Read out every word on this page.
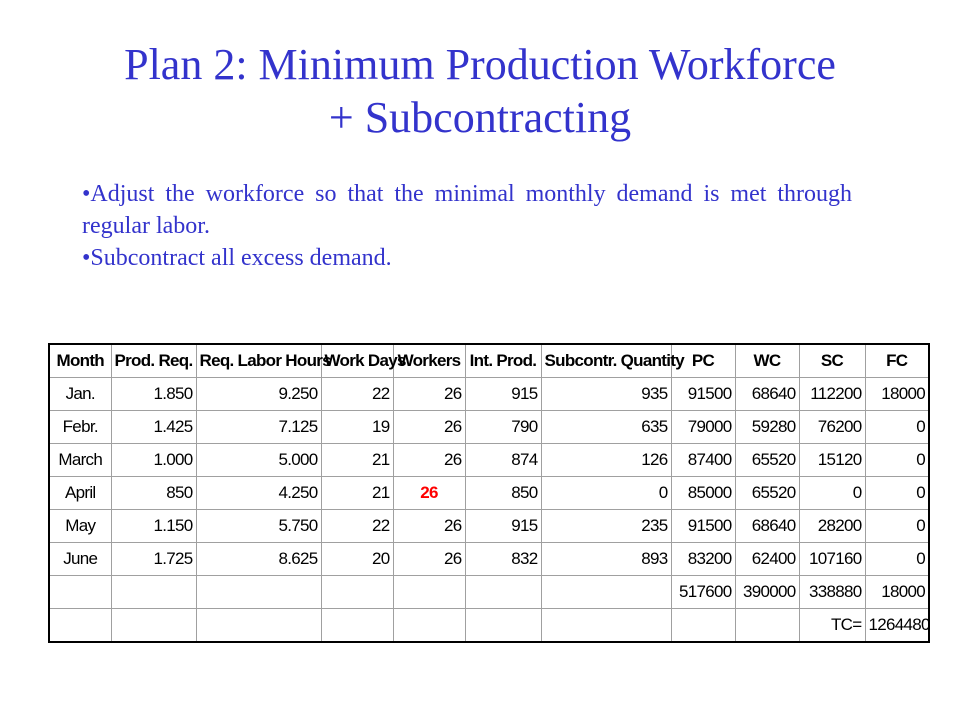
Plan 2: Minimum Production Workforce
+ Subcontracting
•Adjust the workforce so that the minimal monthly demand is met through regular labor.
•Subcontract all excess demand.
Month	Prod. Req.	Req. Labor Hours	Work Days	Workers	Int. Prod.	Subcontr. Quantity	PC	WC	SC	FC
Jan.	1.850	9.250	22	26	915	935	91500	68640	112200	18000
Febr.	1.425	7.125	19	26	790	635	79000	59280	76200	0
March	1.000	5.000	21	26	874	126	87400	65520	15120	0
April	850	4.250	21	26	850	0	85000	65520	0	0
May	1.150	5.750	22	26	915	235	91500	68640	28200	0
June	1.725	8.625	20	26	832	893	83200	62400	107160	0
							517600	390000	338880	18000
									TC=	1264480
